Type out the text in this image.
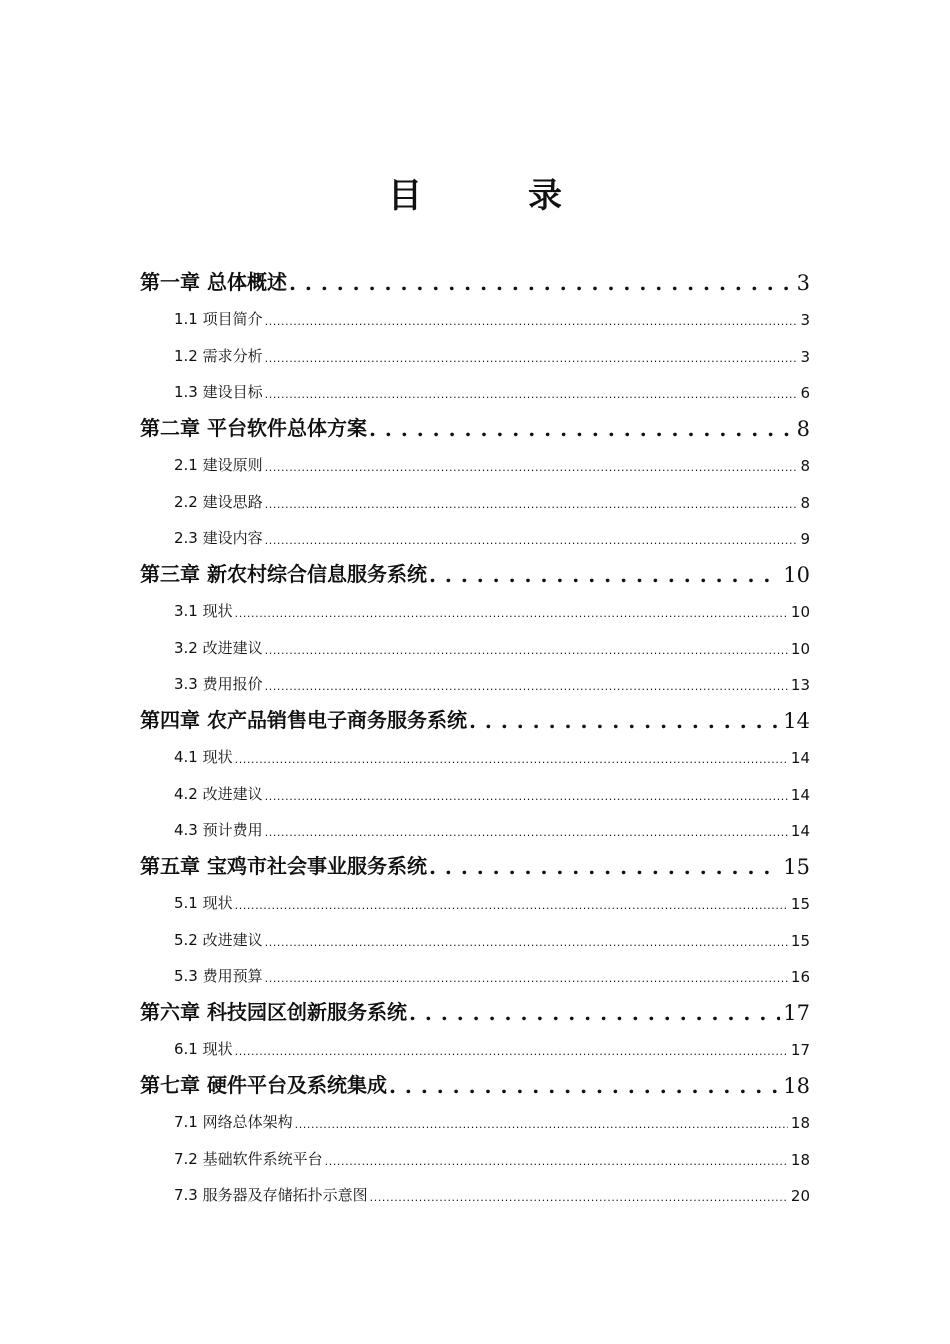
目　录
第一章 总体概述 . . .	3
1.1 项目简介 .....	3
1.2 需求分析 .....	3
1.3 建设目标 .....	6
第二章 平台软件总体方案 . . .	8
2.1 建设原则 .....	8
2.2 建设思路 .....	8
2.3 建设内容 .....	9
第三章 新农村综合信息服务系统 . . .	10
3.1 现状 .....	10
3.2 改进建议 .....	10
3.3 费用报价 .....	13
第四章 农产品销售电子商务服务系统 . . .	14
4.1 现状 .....	14
4.2 改进建议 .....	14
4.3 预计费用 .....	14
第五章 宝鸡市社会事业服务系统 . . .	15
5.1 现状 .....	15
5.2 改进建议 .....	15
5.3 费用预算 .....	16
第六章 科技园区创新服务系统 . . .	17
6.1 现状 .....	17
第七章 硬件平台及系统集成 . . .	18
7.1 网络总体架构 .....	18
7.2 基础软件系统平台 .....	18
7.3 服务器及存储拓扑示意图 .....	20
